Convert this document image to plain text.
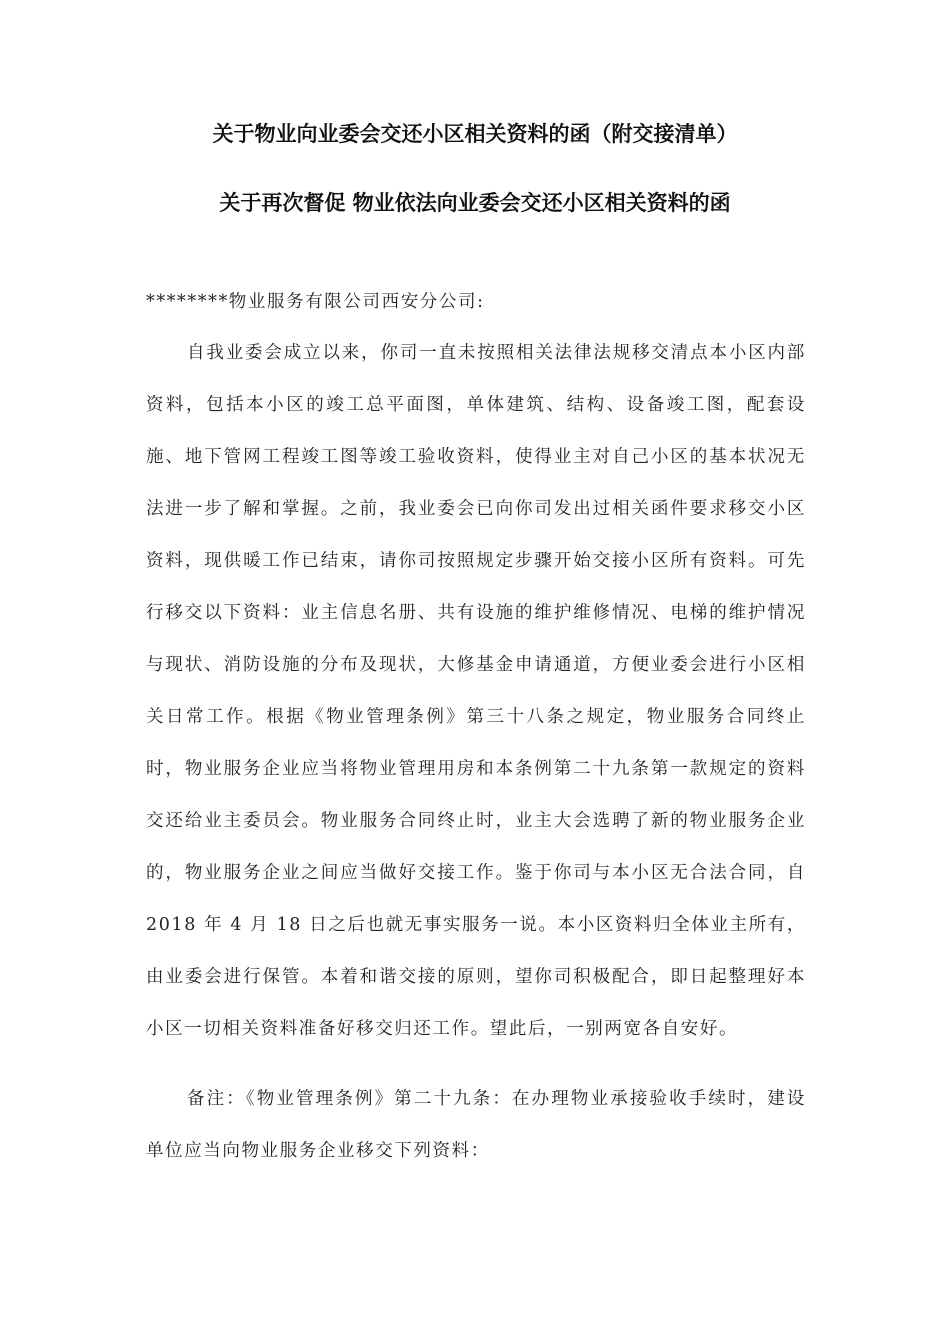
关于物业向业委会交还小区相关资料的函（附交接清单）
关于再次督促 物业依法向业委会交还小区相关资料的函
********物业服务有限公司西安分公司:
自我业委会成立以来，你司一直未按照相关法律法规移交清点本小区内部资料，包括本小区的竣工总平面图，单体建筑、结构、设备竣工图，配套设施、地下管网工程竣工图等竣工验收资料，使得业主对自己小区的基本状况无法进一步了解和掌握。之前，我业委会已向你司发出过相关函件要求移交小区资料，现供暖工作已结束，请你司按照规定步骤开始交接小区所有资料。可先行移交以下资料：业主信息名册、共有设施的维护维修情况、电梯的维护情况与现状、消防设施的分布及现状，大修基金申请通道，方便业委会进行小区相关日常工作。根据《物业管理条例》第三十八条之规定，物业服务合同终止时，物业服务企业应当将物业管理用房和本条例第二十九条第一款规定的资料交还给业主委员会。物业服务合同终止时，业主大会选聘了新的物业服务企业的，物业服务企业之间应当做好交接工作。鉴于你司与本小区无合法合同，自 2018 年 4 月 18 日之后也就无事实服务一说。本小区资料归全体业主所有，由业委会进行保管。本着和谐交接的原则，望你司积极配合，即日起整理好本小区一切相关资料准备好移交归还工作。望此后，一别两宽各自安好。
备注：《物业管理条例》第二十九条：在办理物业承接验收手续时，建设单位应当向物业服务企业移交下列资料：
